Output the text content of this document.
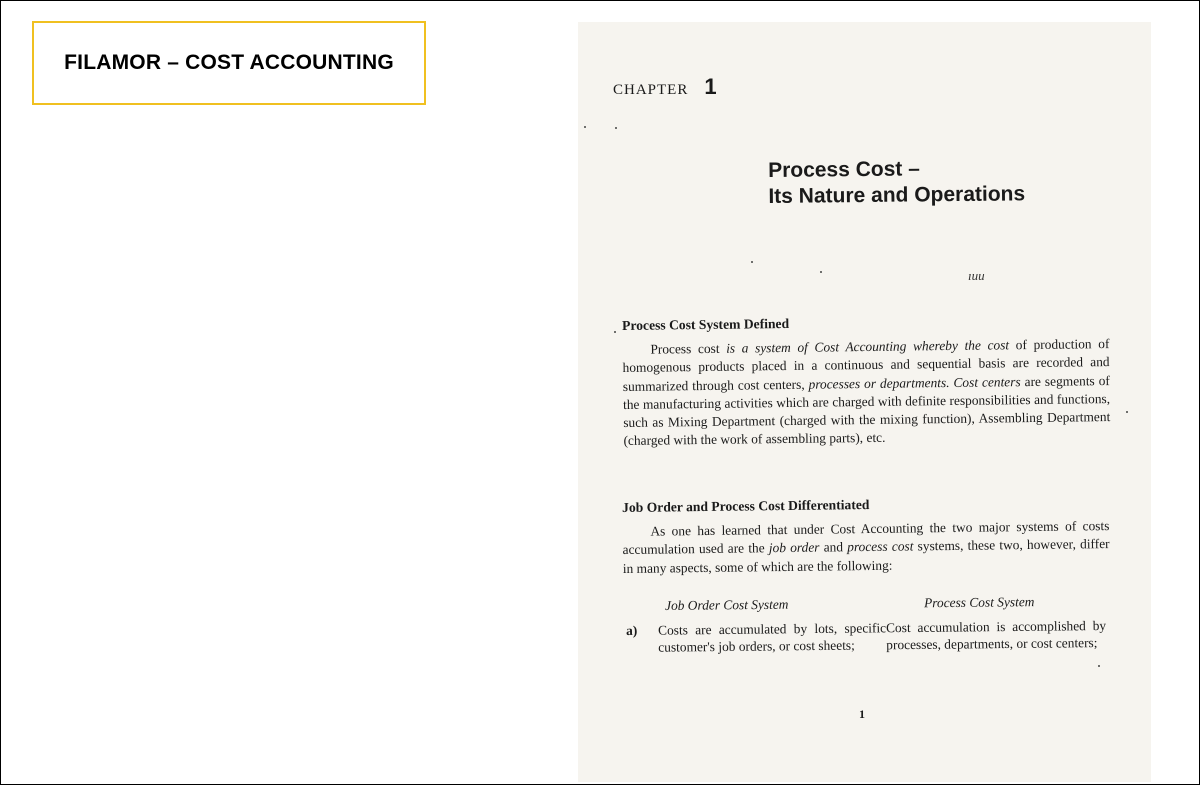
FILAMOR – COST ACCOUNTING
CHAPTER 1
Process Cost –
Its Nature and Operations
ıuu

Process Cost System Defined

Process cost is a system of Cost Accounting whereby the cost of production of homogenous products placed in a continuous and sequential basis are recorded and summarized through cost centers, processes or departments. Cost centers are segments of the manufacturing activities which are charged with definite responsibilities and functions, such as Mixing Department (charged with the mixing function), Assembling Department (charged with the work of assembling parts), etc.

Job Order and Process Cost Differentiated

As one has learned that under Cost Accounting the two major systems of costs accumulation used are the job order and process cost systems, these two, however, differ in many aspects, some of which are the following:

Job Order Cost System	Process Cost System
a) Costs are accumulated by lots, specific customer's job orders, or cost sheets;
Cost accumulation is accomplished by processes, departments, or cost centers;
1
